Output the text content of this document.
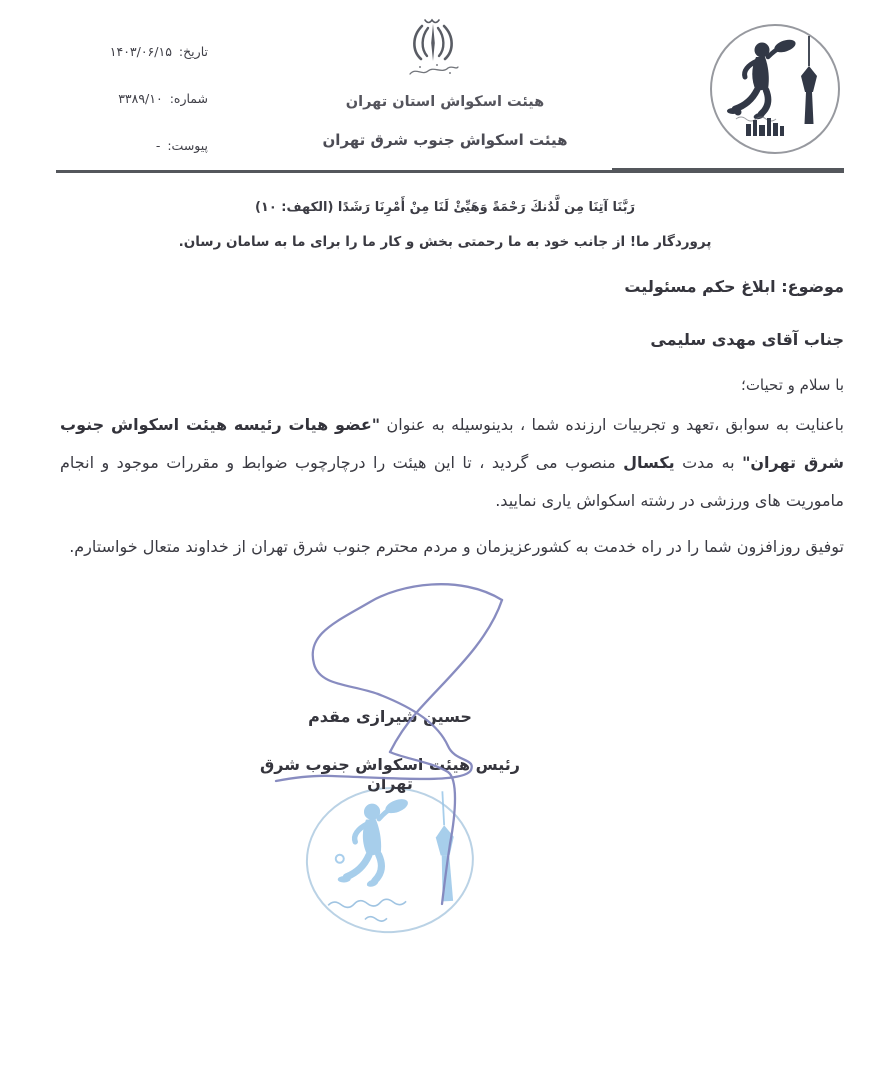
تاریخ: ۱۴۰۳/۰۶/۱۵
شماره: ۳۳۸۹/۱۰
پیوست: -
هیئت اسکواش استان تهران
هیئت اسکواش جنوب شرق تهران
رَبَّنَا آتِنَا مِن لَّدُنكَ رَحْمَةً وَهَيِّئْ لَنَا مِنْ أَمْرِنَا رَشَدًا (الكهف: ۱۰)
پروردگار ما! از جانب خود به ما رحمتی بخش و کار ما را برای ما به سامان رسان.
موضوع: ابلاغ حکم مسئولیت
جناب آقای مهدی سلیمی
با سلام و تحیات؛

باعنایت به سوابق ،تعهد و تجربیات ارزنده شما ، بدینوسیله به عنوان "عضو هیات رئیسه هیئت اسکواش جنوب شرق تهران" به مدت یکسال منصوب می گردید ، تا این هیئت را درچارچوب ضوابط و مقررات موجود و انجام ماموریت های ورزشی در رشته اسکواش یاری نمایید.

توفیق روزافزون شما را در راه خدمت به کشورعزیزمان و مردم محترم جنوب شرق تهران از خداوند متعال خواستارم.

حسین شیرازی مقدم
رئیس هیئت اسکواش جنوب شرق تهران
